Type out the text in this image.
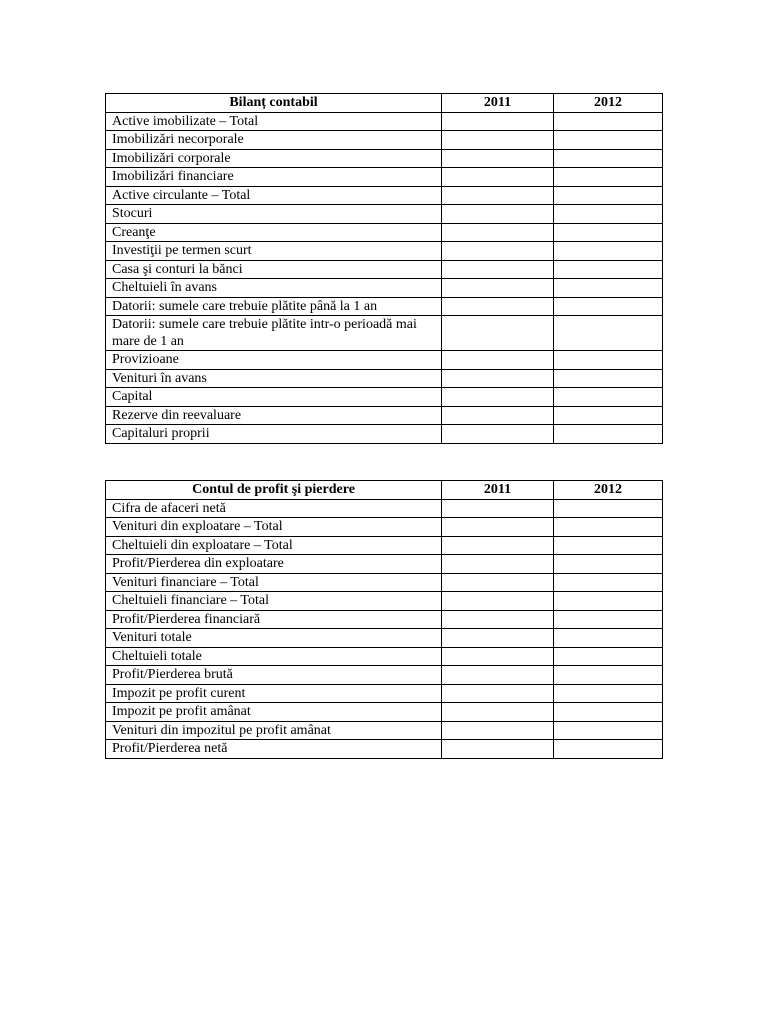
Bilanț contabil	2011	2012
Active imobilizate – Total		
Imobilizări necorporale		
Imobilizări corporale		
Imobilizări financiare		
Active circulante – Total		
Stocuri		
Creanţe		
Investiţii pe termen scurt		
Casa şi conturi la bănci		
Cheltuieli în avans		
Datorii: sumele care trebuie plătite până la 1 an		
Datorii: sumele care trebuie plătite intr-o perioadă mai mare de 1 an		
Provizioane		
Venituri în avans		
Capital		
Rezerve din reevaluare		
Capitaluri proprii		
Contul de profit şi pierdere	2011	2012
Cifra de afaceri netă		
Venituri din exploatare – Total		
Cheltuieli din exploatare – Total		
Profit/Pierderea din exploatare		
Venituri financiare – Total		
Cheltuieli financiare – Total		
Profit/Pierderea financiară		
Venituri totale		
Cheltuieli totale		
Profit/Pierderea brută		
Impozit pe profit curent		
Impozit pe profit amânat		
Venituri din impozitul pe profit amânat		
Profit/Pierderea netă		
